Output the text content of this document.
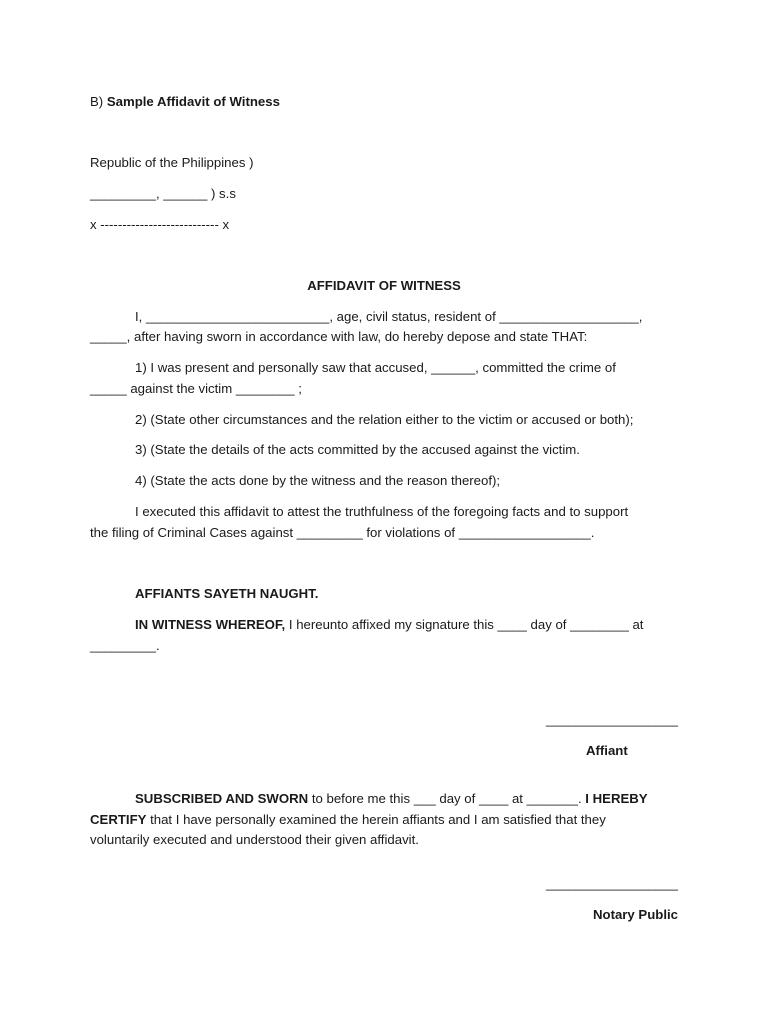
B) Sample Affidavit of Witness

Republic of the Philippines )

_________, ______ ) s.s

x --------------------------- x

AFFIDAVIT OF WITNESS

I, _________________________, age, civil status, resident of ___________________,

_____, after having sworn in accordance with law, do hereby depose and state THAT:

1) I was present and personally saw that accused, ______, committed the crime of

_____ against the victim ________ ;

2) (State other circumstances and the relation either to the victim or accused or both);

3) (State the details of the acts committed by the accused against the victim.

4) (State the acts done by the witness and the reason thereof);

I executed this affidavit to attest the truthfulness of the foregoing facts and to support

the filing of Criminal Cases against _________ for violations of __________________.

AFFIANTS SAYETH NAUGHT.

IN WITNESS WHEREOF, I hereunto affixed my signature this ____ day of ________ at

_________.

__________________

Affiant

SUBSCRIBED AND SWORN to before me this ___ day of ____ at _______. I HEREBY

CERTIFY that I have personally examined the herein affiants and I am satisfied that they

voluntarily executed and understood their given affidavit.

__________________

Notary Public
